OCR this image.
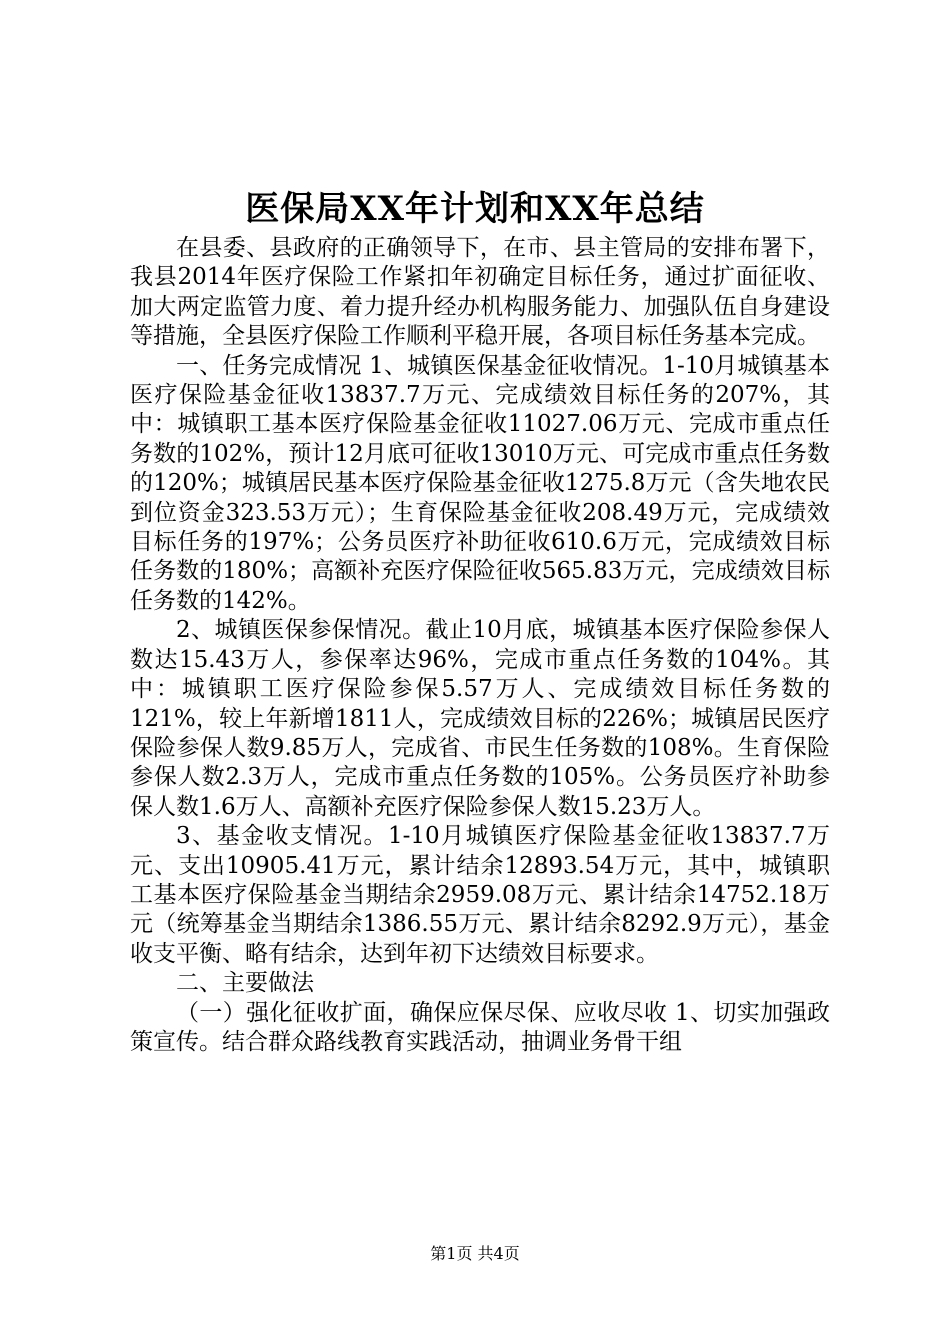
医保局XX年计划和XX年总结

在县委、县政府的正确领导下，在市、县主管局的安排布署下，我县2014年医疗保险工作紧扣年初确定目标任务，通过扩面征收、加大两定监管力度、着力提升经办机构服务能力、加强队伍自身建设等措施，全县医疗保险工作顺利平稳开展，各项目标任务基本完成。

一、任务完成情况 1、城镇医保基金征收情况。1-10月城镇基本医疗保险基金征收13837.7万元、完成绩效目标任务的207%，其中：城镇职工基本医疗保险基金征收11027.06万元、完成市重点任务数的102%，预计12月底可征收13010万元、可完成市重点任务数的120%；城镇居民基本医疗保险基金征收1275.8万元（含失地农民到位资金323.53万元）；生育保险基金征收208.49万元，完成绩效目标任务的197%；公务员医疗补助征收610.6万元，完成绩效目标任务数的180%；高额补充医疗保险征收565.83万元，完成绩效目标任务数的142%。

2、城镇医保参保情况。截止10月底，城镇基本医疗保险参保人数达15.43万人，参保率达96%，完成市重点任务数的104%。其中：城镇职工医疗保险参保5.57万人、完成绩效目标任务数的121%，较上年新增1811人，完成绩效目标的226%；城镇居民医疗保险参保人数9.85万人，完成省、市民生任务数的108%。生育保险参保人数2.3万人，完成市重点任务数的105%。公务员医疗补助参保人数1.6万人、高额补充医疗保险参保人数15.23万人。

3、基金收支情况。1-10月城镇医疗保险基金征收13837.7万元、支出10905.41万元，累计结余12893.54万元，其中，城镇职工基本医疗保险基金当期结余2959.08万元、累计结余14752.18万元（统筹基金当期结余1386.55万元、累计结余8292.9万元），基金收支平衡、略有结余，达到年初下达绩效目标要求。

二、主要做法

（一）强化征收扩面，确保应保尽保、应收尽收 1、切实加强政策宣传。结合群众路线教育实践活动，抽调业务骨干组

第1页 共4页
